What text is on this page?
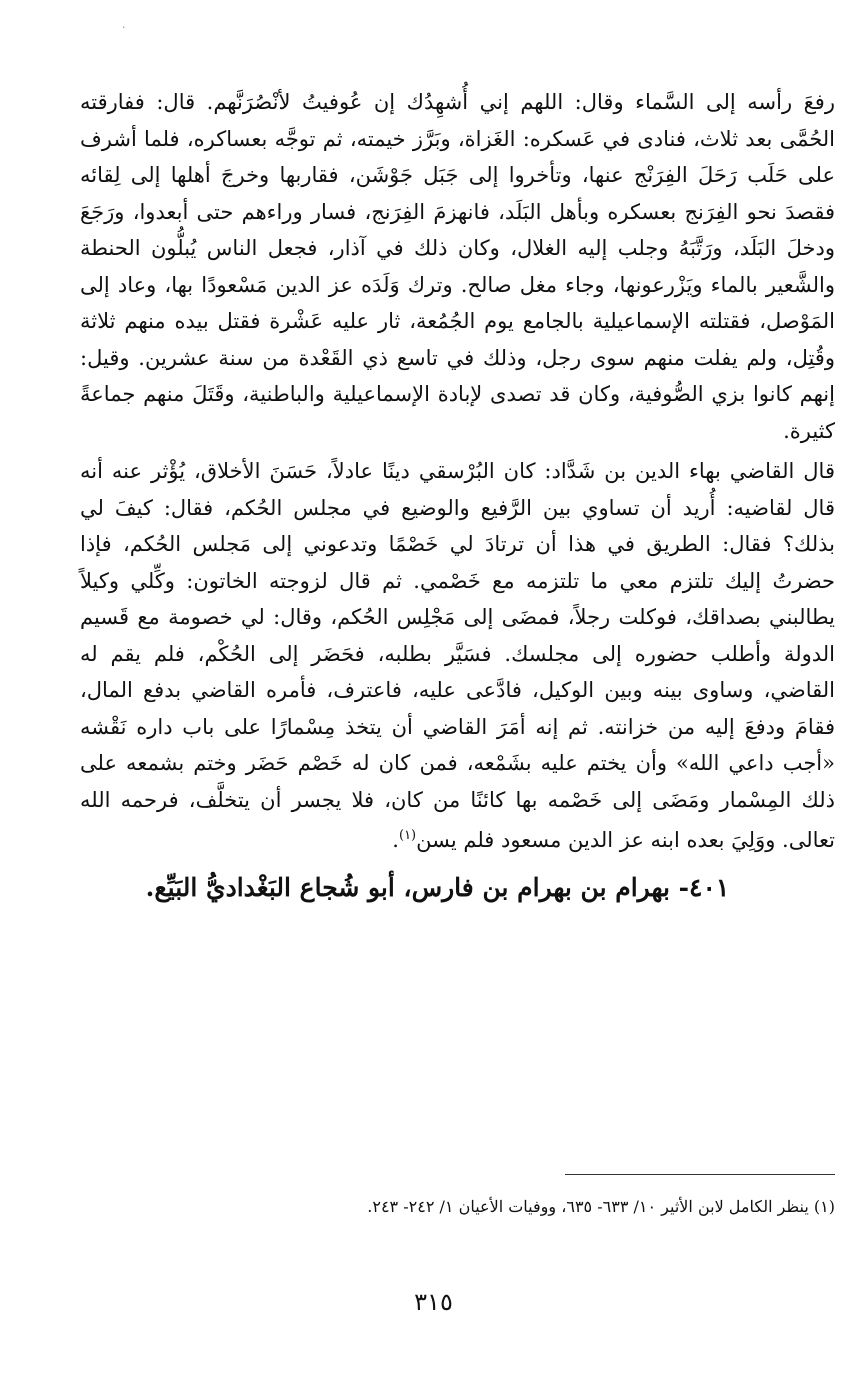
٠

رفعَ رأسه إلى السَّماء وقال: اللهم إني أُشهِدُك إن عُوفيتُ لأنْصُرَنَّهم. قال: ففارقته الحُمَّى بعد ثلاث، فنادى في عَسكره: الغَزاة، وبَرَّز خيمته، ثم توجَّه بعساكره، فلما أشرف على حَلَب رَحَلَ الفِرَنْج عنها، وتأخروا إلى جَبَل جَوْشَن، فقاربها وخرجَ أهلها إلى لِقائه فقصدَ نحو الفِرَنج بعسكره وبأهل البَلَد، فانهزمَ الفِرَنج، فسار وراءهم حتى أبعدوا، ورَجَعَ ودخلَ البَلَد، ورَتَّبَهُ وجلب إليه الغلال، وكان ذلك في آذار، فجعل الناس يُبلُّون الحنطة والشَّعير بالماء ويَزْرعونها، وجاء مغل صالح. وترك وَلَدَه عز الدين مَسْعودًا بها، وعاد إلى المَوْصل، فقتلته الإسماعيلية بالجامع يوم الجُمُعة، ثار عليه عَشْرة فقتل بيده منهم ثلاثة وقُتِل، ولم يفلت منهم سوى رجل، وذلك في تاسع ذي القَعْدة من سنة عشرين. وقيل: إنهم كانوا بزي الصُّوفية، وكان قد تصدى لإبادة الإسماعيلية والباطنية، وقَتَلَ منهم جماعةً كثيرة.

قال القاضي بهاء الدين بن شَدَّاد: كان البُرْسقي دينًا عادلاً، حَسَنَ الأخلاق، يُؤْثر عنه أنه قال لقاضيه: أُريد أن تساوي بين الرَّفيع والوضيع في مجلس الحُكم، فقال: كيفَ لي بذلك؟ فقال: الطريق في هذا أن ترتادَ لي خَصْمًا وتدعوني إلى مَجلس الحُكم، فإذا حضرتُ إليك تلتزم معي ما تلتزمه مع خَصْمي. ثم قال لزوجته الخاتون: وكِّلي وكيلاً يطالبني بصداقك، فوكلت رجلاً، فمضَى إلى مَجْلِس الحُكم، وقال: لي خصومة مع قَسيم الدولة وأطلب حضوره إلى مجلسك. فسَيَّر بطلبه، فحَضَر إلى الحُكْم، فلم يقم له القاضي، وساوى بينه وبين الوكيل، فادَّعى عليه، فاعترف، فأمره القاضي بدفع المال، فقامَ ودفعَ إليه من خزانته. ثم إنه أمَرَ القاضي أن يتخذ مِسْمارًا على باب داره نَقْشه «أجب داعي الله» وأن يختم عليه بشَمْعه، فمن كان له خَصْم حَضَر وختم بشمعه على ذلك المِسْمار ومَضَى إلى خَصْمه بها كائنًا من كان، فلا يجسر أن يتخلَّف، فرحمه الله تعالى. ووَلِيَ بعده ابنه عز الدين مسعود فلم يسن$^{(١)}$.

٤٠١- بهرام بن بهرام بن فارس، أبو شُجاع البَغْداديُّ البَيِّع.

(١) ينظر الكامل لابن الأثير ١٠/ ٦٣٣- ٦٣٥، ووفيات الأعيان ١/ ٢٤٢- ٢٤٣.

٣١٥
